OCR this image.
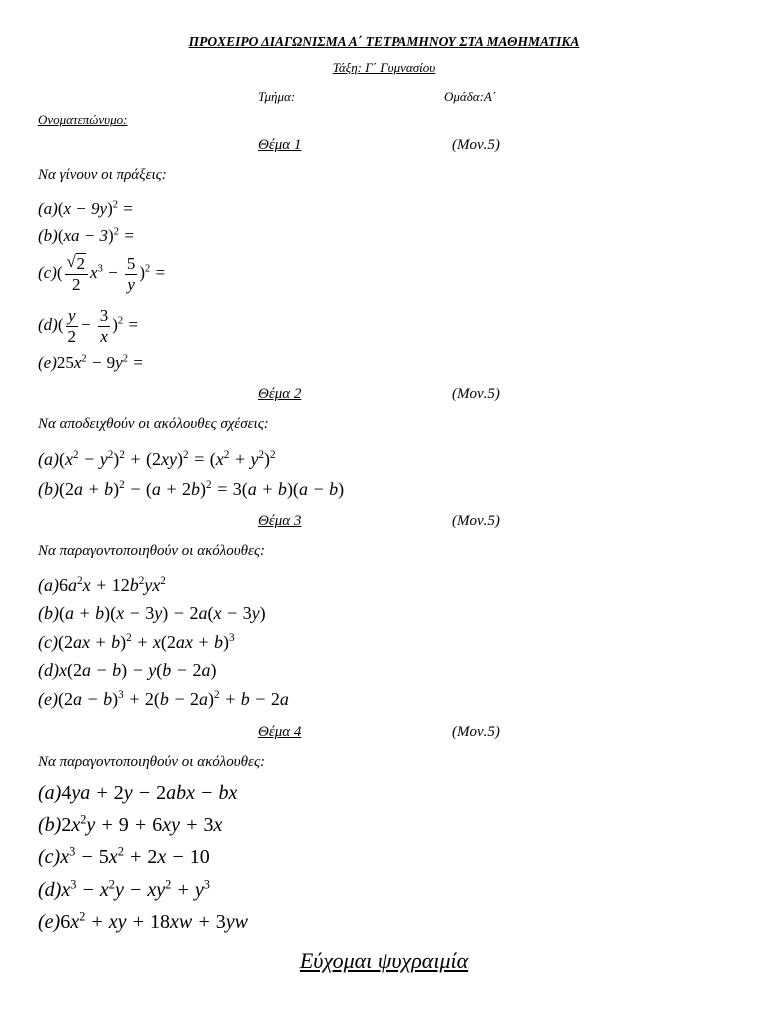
ΠΡΟΧΕΙΡΟ ΔΙΑΓΩΝΙΣΜΑ Α΄ ΤΕΤΡΑΜΗΝΟΥ ΣΤΑ ΜΑΘΗΜΑΤΙΚΑ
Τάξη: Γ΄ Γυμνασίου
Τμήμα:	Ομάδα:Α΄
Ονοματεπώνυμο:
Θέμα 1	(Μον.5)
Να γίνουν οι πράξεις:
$(a)(x - 9y)^2$ =
(b)(xa − 3)$^2$ =
$(c)( \frac{√ 2}{2} x^3 - \frac{5}{y} )^2$ =
$(d)( \frac{y}{2} - \frac{3}{x} )^2$ =
$(e)25x^2 - 9y^2$ =
Θέμα 2	(Μον.5)
Να αποδειχθούν οι ακόλουθες σχέσεις:
$(a)(x^2 - y^2)^2 + (2xy)^2 = (x^2 + y^2)^2$
$(b)(2a + b)^2 - (a + 2b)^2 = 3(a + b)(a - b)$
Θέμα 3	(Μον.5)
Να παραγοντοποιηθούν οι ακόλουθες:
$(a)6a^2x + 12b^2yx^2$
(b)(a + b)(x − 3y) − 2a(x − 3y)
$(c)(2ax + b)^2 + x(2ax + b)^3$
(d)x(2a − b) − y(b − 2a)
$(e)(2a - b)^3 + 2(b - 2a)^2 + b - 2a$
Θέμα 4	(Μον.5)
Να παραγοντοποιηθούν οι ακόλουθες:
(a)4ya + 2y − 2abx − bx
$(b)2x^2y + 9 + 6xy + 3x$
$(c)x^3 - 5x^2 + 2x - 10$
$(d)x^3 - x^2y - xy^2 + y^3$
$(e)6x^2$ + xy + 18xw + 3yw
Εύχομαι ψυχραιμία
